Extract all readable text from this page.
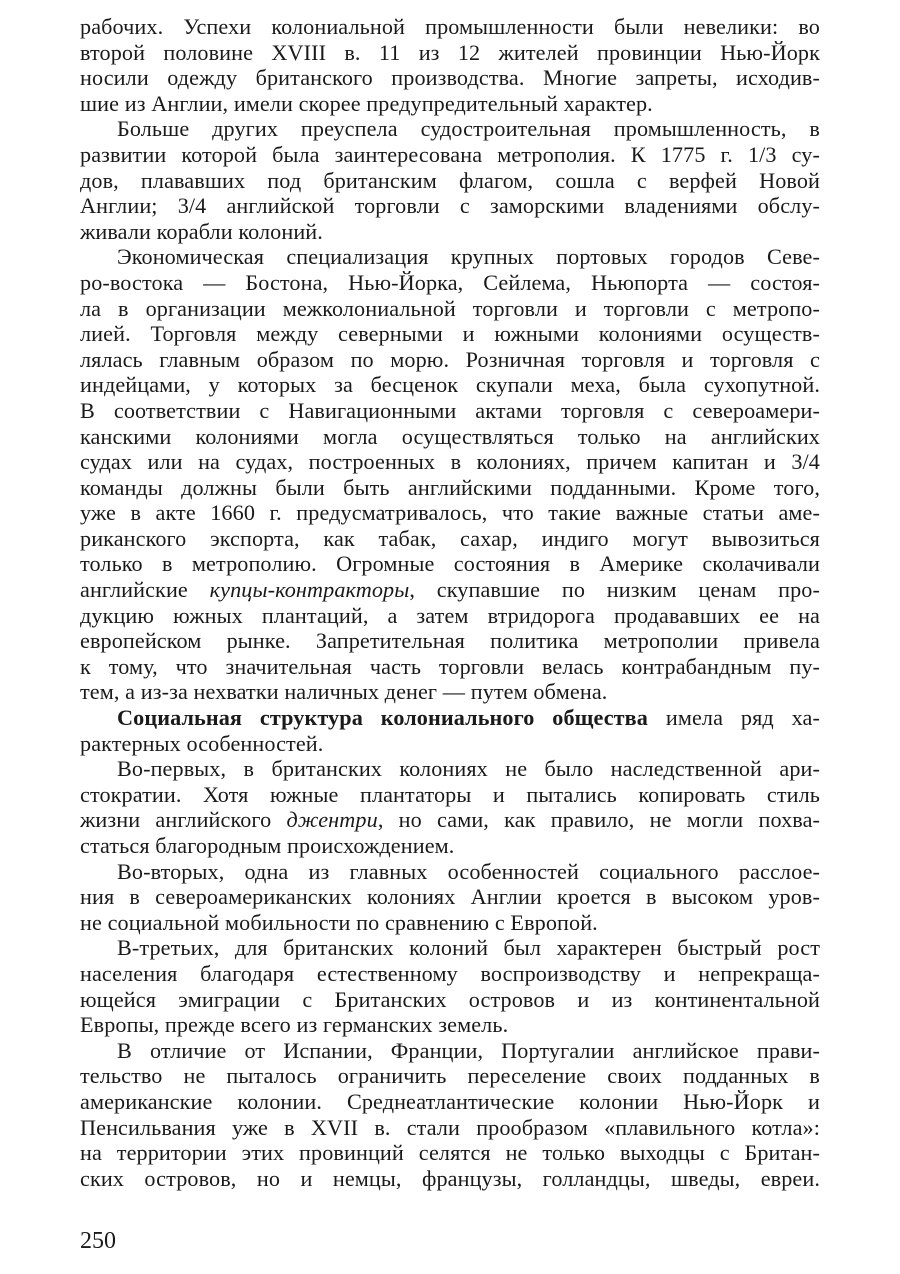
рабочих. Успехи колониальной промышленности были невелики: во
второй половине XVIII в. 11 из 12 жителей провинции Нью-Йорк
носили одежду британского производства. Многие запреты, исходив-
шие из Англии, имели скорее предупредительный характер.
Больше других преуспела судостроительная промышленность, в
развитии которой была заинтересована метрополия. К 1775 г. 1/3 су-
дов, плававших под британским флагом, сошла с верфей Новой
Англии; 3/4 английской торговли с заморскими владениями обслу-
живали корабли колоний.
Экономическая специализация крупных портовых городов Севе-
ро-востока — Бостона, Нью-Йорка, Сейлема, Ньюпорта — состоя-
ла в организации межколониальной торговли и торговли с метропо-
лией. Торговля между северными и южными колониями осуществ-
лялась главным образом по морю. Розничная торговля и торговля с
индейцами, у которых за бесценок скупали меха, была сухопутной.
В соответствии с Навигационными актами торговля с североамери-
канскими колониями могла осуществляться только на английских
судах или на судах, построенных в колониях, причем капитан и 3/4
команды должны были быть английскими подданными. Кроме того,
уже в акте 1660 г. предусматривалось, что такие важные статьи аме-
риканского экспорта, как табак, сахар, индиго могут вывозиться
только в метрополию. Огромные состояния в Америке сколачивали
английские купцы-контракторы, скупавшие по низким ценам про-
дукцию южных плантаций, а затем втридорога продававших ее на
европейском рынке. Запретительная политика метрополии привела
к тому, что значительная часть торговли велась контрабандным пу-
тем, а из-за нехватки наличных денег — путем обмена.
Социальная структура колониального общества имела ряд ха-
рактерных особенностей.
Во-первых, в британских колониях не было наследственной ари-
стократии. Хотя южные плантаторы и пытались копировать стиль
жизни английского джентри, но сами, как правило, не могли похва-
статься благородным происхождением.
Во-вторых, одна из главных особенностей социального расслое-
ния в североамериканских колониях Англии кроется в высоком уров-
не социальной мобильности по сравнению с Европой.
В-третьих, для британских колоний был характерен быстрый рост
населения благодаря естественному воспроизводству и непрекраща-
ющейся эмиграции с Британских островов и из континентальной
Европы, прежде всего из германских земель.
В отличие от Испании, Франции, Португалии английское прави-
тельство не пыталось ограничить переселение своих подданных в
американские колонии. Среднеатлантические колонии Нью-Йорк и
Пенсильвания уже в XVII в. стали прообразом «плавильного котла»:
на территории этих провинций селятся не только выходцы с Британ-
ских островов, но и немцы, французы, голландцы, шведы, евреи.
250
